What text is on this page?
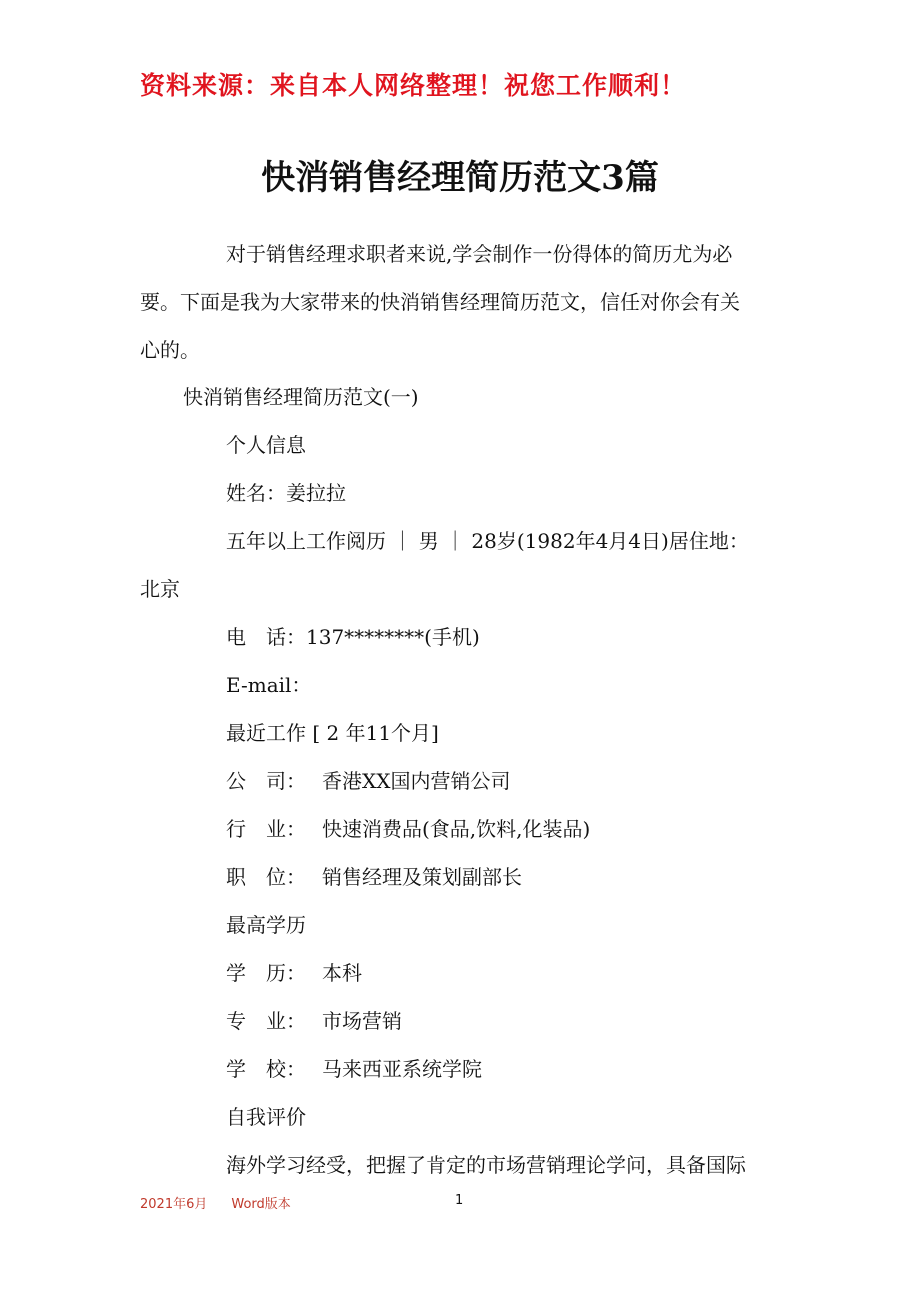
资料来源：来自本人网络整理！祝您工作顺利！
快消销售经理简历范文3篇
对于销售经理求职者来说,学会制作一份得体的简历尤为必
要。下面是我为大家带来的快消销售经理简历范文，信任对你会有关
心的。
快消销售经理简历范文(一)
个人信息
姓名：姜拉拉
五年以上工作阅历 ｜ 男 ｜ 28岁(1982年4月4日)居住地：
北京
电　话：137********(手机)
E-mail：
最近工作 [ 2 年11个月]
公　司： 香港XX国内营销公司
行　业： 快速消费品(食品,饮料,化装品)
职　位： 销售经理及策划副部长
最高学历
学　历： 本科
专　业： 市场营销
学　校： 马来西亚系统学院
自我评价
海外学习经受，把握了肯定的市场营销理论学问，具备国际
2021年6月 Word版本	1
